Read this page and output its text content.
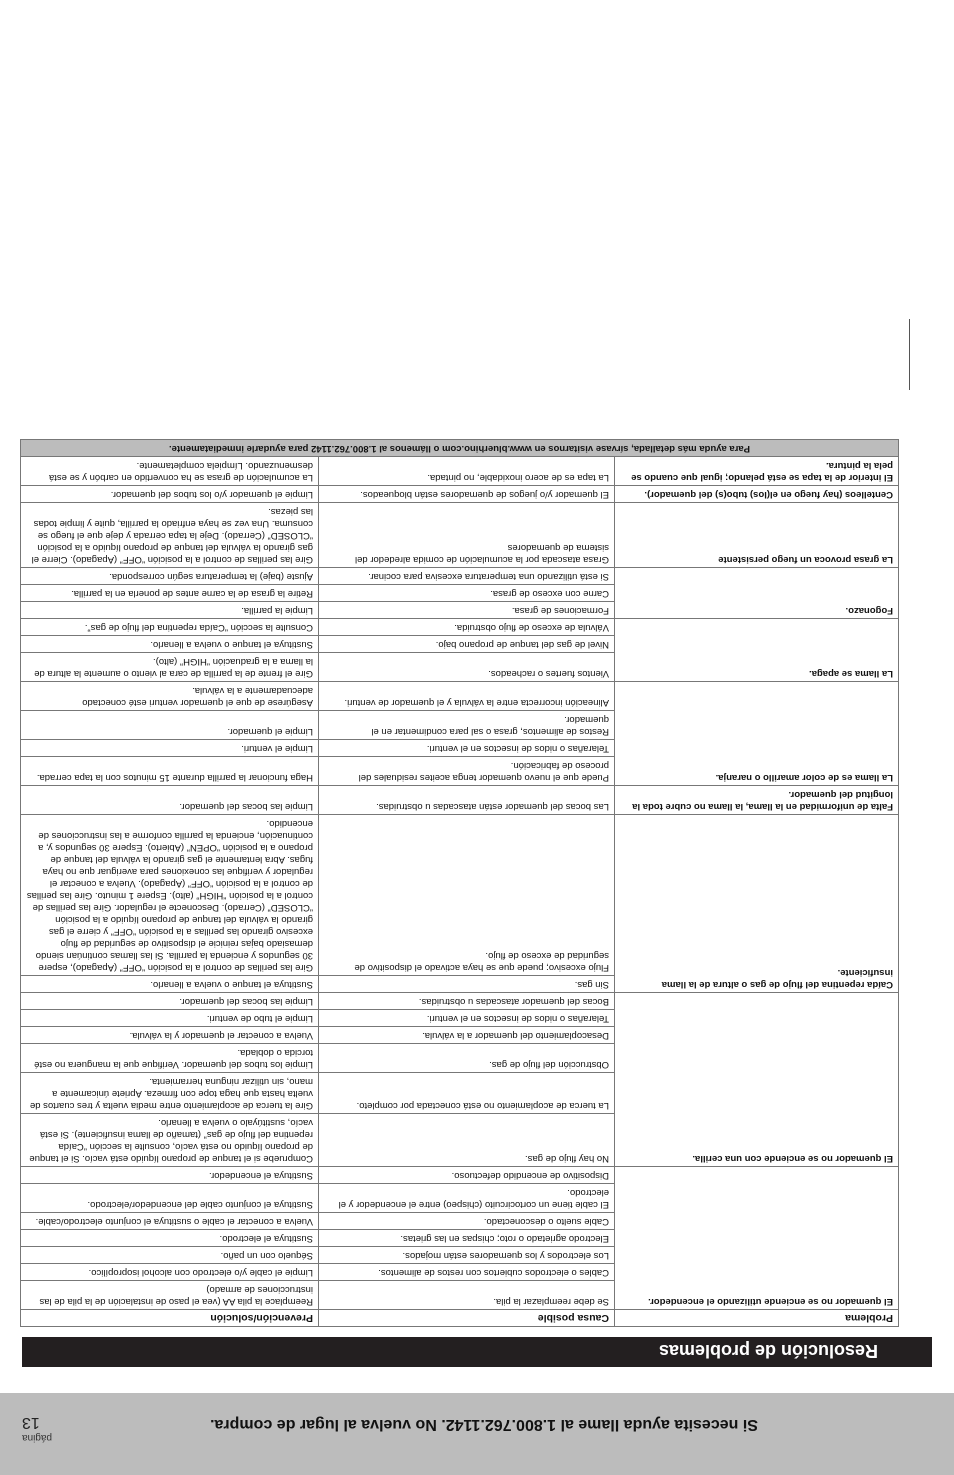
página
13	Si necesita ayuda llame al 1.800.762.1142. No vuelva al lugar de compra.
Resolución de problemas
Problema	Causa posible	Prevención/solución
El quemador no se enciende utilizando el encendedor.	Se debe reemplazar la pila.	Reemplace la pila AA (vea el paso de instalación de la pila de las instrucciones de armado)
	Cables o electrodos cubiertos con restos de alimentos.	Limpie el cable y/o electrodo con alcohol isopropílico.
	Los electrodos y los quemadores están mojados.	Séquelo con un paño.
	Electrodo agrietado o roto; chispas en las grietas.	Sustituya el electrodo.
	Cable suelto o desconectado.	Vuelva a conectar el cable o sustituya el conjunto electrodo/cable.
	El cable tiene un cortocircuito (chispeo) entre el encendedor y el electrodo.	Sustituya el conjunto cable del encendedor/electrodo.
	Dispositivo de encendido defectuoso.	Sustituya el encendedor.
El quemador no se enciende con una cerilla.	No hay flujo de gas.	Compruebe si el tanque de propano líquido está vacío. Si el tanque de propano líquido no está vacío, consulte la sección “Caída repentina del flujo de gas” (tamaño de llama insuficiente). Si está vacío, sustitúyalo o vuelva a llenarlo.
	La tuerca de acoplamiento no está conectada por completo.	Gire la tuerca de acoplamiento entre media vuelta y tres cuartos de vuelta hasta que haga tope con firmeza. Apriete únicamente a mano, sin utilizar ninguna herramienta.
	Obstrucción del flujo de gas.	Limpie los tubos del quemador. Verifique que la manguera no esté torcida o doblada.
	Desacoplamiento del quemador a la válvula.	Vuelva a conectar el quemador y la válvula.
	Telarañas o nidos de insectos en el venturi.	Limpie el tubo de venturi.
	Bocas del quemador atascadas u obstruidas.	Limpie las bocas del quemador.
Caída repentina del flujo de gas o altura de la llama insuficiente.	Sin gas.	Sustituya el tanque o vuelva a llenarlo.
	Flujo excesivo; puede que se haya activado el dispositivo de seguridad de exceso de flujo.	Gire las perillas de control a la posición “OFF” (Apagado), espere 30 segundos y encienda la parrilla. Si las llamas continúan siendo demasiado bajas reinicie el dispositivo de seguridad de flujo excesivo girando las perillas a la posición “OFF” y cierre el gas girando la válvula del tanque de propano líquido a la posición “CLOSED” (Cerrado). Desconecte el regulador. Gire las perillas de control a la posición “HIGH” (alto). Espere 1 minuto. Gire las perillas de control a la posición “OFF” (Apagado). Vuelva a conectar el regulador y verifique las conexiones para averiguar que no haya fugas. Abra lentamente el gas girando la válvula del tanque de propano a la posición “OPEN” (Abierto). Espere 30 segundos y, a continuación, encienda la parrilla conforme a las instrucciones de encendido.
Falta de uniformidad en la llama, la llama no cubre toda la longitud del quemador.	Las bocas del quemador están atascadas u obstruidas.	Limpie las bocas del quemador.
La llama es de color amarillo o naranja.	Puede que el nuevo quemador tenga aceites residuales del proceso de fabricación.	Haga funcionar la parrilla durante 15 minutos con la tapa cerrada.
	Telarañas o nidos de insectos en el venturi.	Limpie el venturi.
	Restos de alimentos, grasa o sal para condimentar en el quemador.	Limpie el quemador.
	Alineación incorrecta entre la válvula y el quemador de venturi.	Asegúrese de que el quemador venturi esté conectado adecuadamente a la válvula.
La llama se apaga.	Vientos fuertes o racheados.	Gire el frente de la parrilla de cara al viento o aumente la altura de la llama a la graduación “HIGH” (alto).
	Nivel de gas del tanque de propano bajo.	Sustituya el tanque o vuelva a llenarlo.
	Válvula de exceso de flujo obstruida.	Consulte la sección “Caída repentina del flujo de gas”.
Fogonazo.	Formaciones de grasa.	Limpie la parrilla.
	Carne con exceso de grasa.	Retire la grasa de la carne antes de ponerla en la parrilla.
	Si está utilizando una temperatura excesiva para cocinar.	Ajuste (baje) la temperatura según corresponda.
La grasa provoca un fuego persistente	Grasa atascada por la acumulación de comida alrededor del sistema de quemadores	Gire las perillas de control a la posición “OFF” (Apagado). Cierre el gas girando la válvula del tanque de propano líquido a la posición “CLOSED” (Cerrado). Deje la tapa cerrada y deje que el fuego se consuma. Una vez se haya enfriado la parrilla, quite y limpie todas las piezas.
Centelleos (hay fuego en el(los) tubo(s) del quemador).	El quemador y/o juegos de quemadores están bloqueados.	Limpie el quemador y/o los tubos del quemador.
El interior de la tapa se está pelando; igual que cuando se pela la pintura.	La tapa es de acero inoxidable, no pintada.	La acumulación de grasa se ha convertido en carbón y se está desmenuzando. Límpiela completamente.
Para ayuda más detallada, sírvase visitarnos en www.bluerhino.com o llámenos al 1.800.762.1142 para ayudarle inmediatamente.		
